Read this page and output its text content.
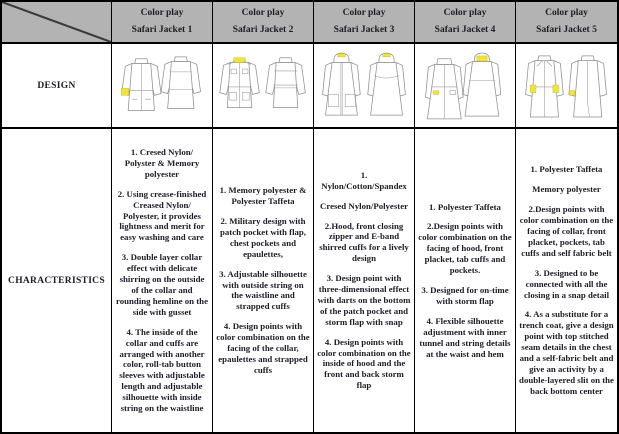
Color play
Safari Jacket 1
Color play
Safari Jacket 2
Color play
Safari Jacket 3
Color play
Safari Jacket 4
Color play
Safari Jacket 5
DESIGN
CHARACTERISTICS

1. Cresed Nylon/ Polyster & Memory polyester

2. Using crease-finished Creased Nylon/ Polyester, it provides lightness and merit for easy washing and care

3. Double layer collar effect with delicate shirring on the outside of the collar and rounding hemline on the side with gusset

4. The inside of the collar and cuffs are arranged with another color, roll-tab button sleeves with adjustable length and adjustable silhouette with inside string on the waistline

1. Memory polyester & Polyester Taffeta

2. Military design with patch pocket with flap, chest pockets and epaulettes,

3. Adjustable silhouette with outside string on the waistline and strapped cuffs

4. Design points with color combination on the facing of the collar, epaulettes and strapped cuffs

1. Nylon/Cotton/Spandex

Cresed Nylon/Polyester

2.Hood, front closing zipper and E-band shirred cuffs for a lively design

3. Design point with three-dimensional effect with darts on the bottom of the patch pocket and storm flap with snap

4. Design points with color combination on the inside of hood and the front and back storm flap

1. Polyester Taffeta

2.Design points with color combination on the facing of hood, front placket, tab cuffs and pockets.

3. Designed for on-time with storm flap

4. Flexible silhouette adjustment with inner tunnel and string details at the waist and hem

1. Polyester Taffeta

Memory polyester

2.Design points with color combination on the facing of collar, front placket, pockets, tab cuffs and self fabric belt

3. Designed to be connected with all the closing in a snap detail

4. As a substitute for a trench coat, give a design point with top stitched seam details in the chest and a self-fabric belt and give an activity by a double-layered slit on the back bottom center
